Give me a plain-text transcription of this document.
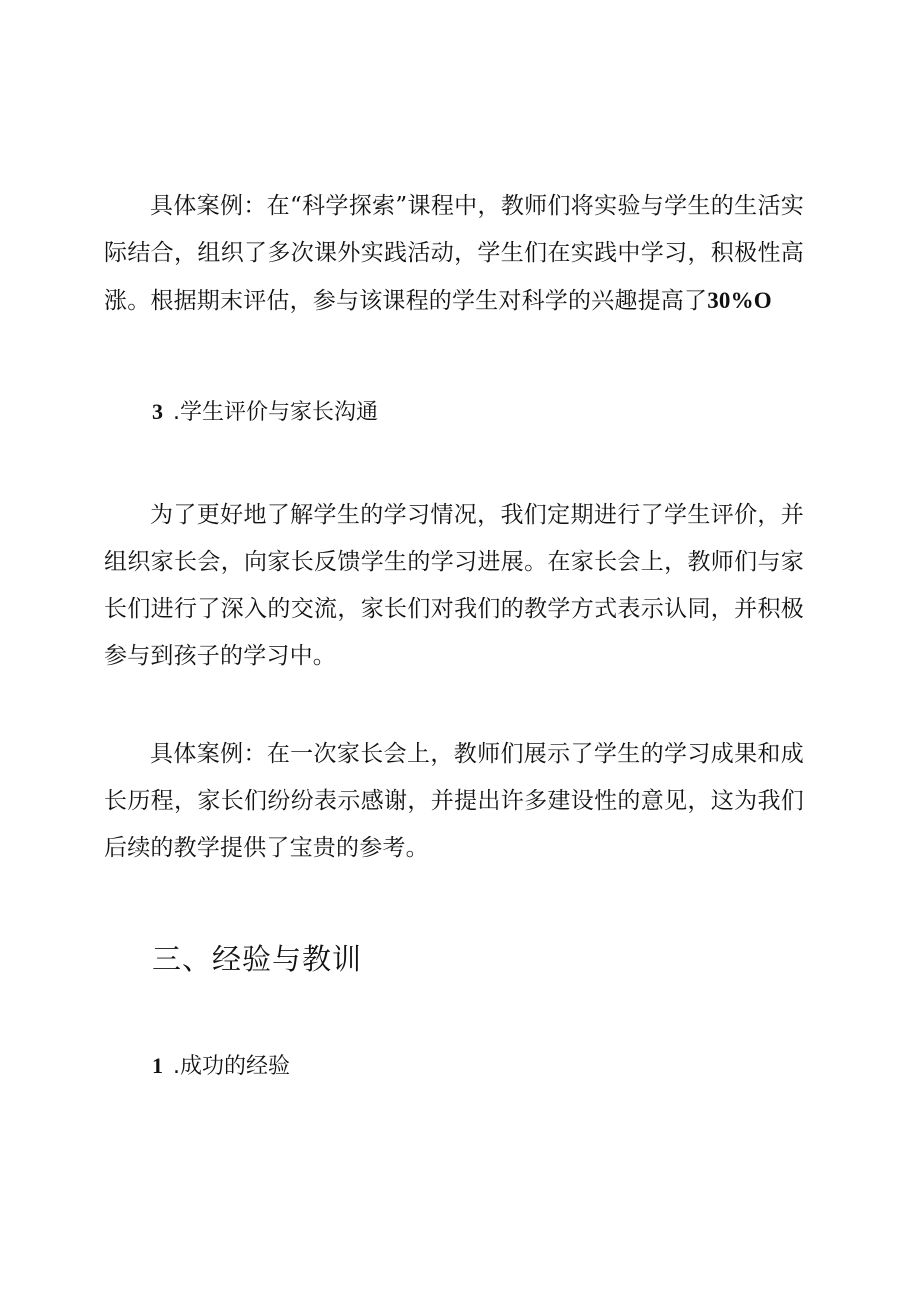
具体案例：在“科学探索”课程中，教师们将实验与学生的生活实际结合，组织了多次课外实践活动，学生们在实践中学习，积极性高涨。根据期末评估，参与该课程的学生对科学的兴趣提高了30%O

3 .学生评价与家长沟通

为了更好地了解学生的学习情况，我们定期进行了学生评价，并组织家长会，向家长反馈学生的学习进展。在家长会上，教师们与家长们进行了深入的交流，家长们对我们的教学方式表示认同，并积极参与到孩子的学习中。

具体案例：在一次家长会上，教师们展示了学生的学习成果和成长历程，家长们纷纷表示感谢，并提出许多建设性的意见，这为我们后续的教学提供了宝贵的参考。

三、经验与教训
1 .成功的经验
